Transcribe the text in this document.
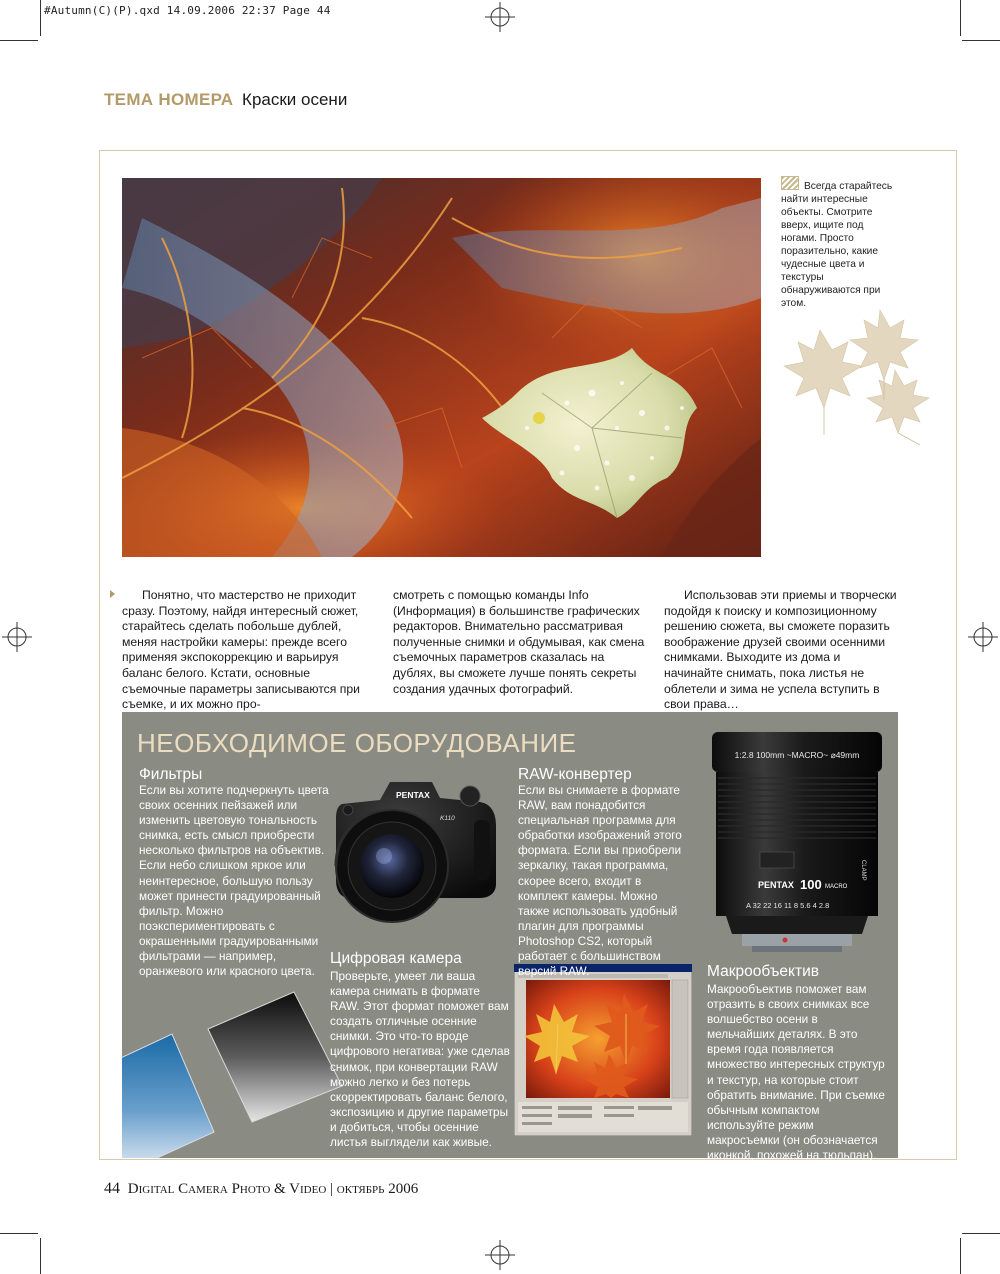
#Autumn(C)(P).qxd 14.09.2006 22:37 Page 44
ТЕМА НОМЕРА Краски осени
Всегда старайтесь найти интересные объекты. Смотрите вверх, ищите под ногами. Просто поразительно, какие чудесные цвета и текстуры обнаруживаются при этом.

Понятно, что мастерство не приходит сразу. Поэтому, найдя интересный сюжет, старайтесь сделать побольше дублей, меняя настройки камеры: прежде всего применяя экспокоррекцию и варьируя баланс белого. Кстати, основные съемочные параметры записываются при съемке, и их можно про-

смотреть с помощью команды Info (Информация) в большинстве графических редакторов. Внимательно рассматривая полученные снимки и обдумывая, как смена съемочных параметров сказалась на дублях, вы сможете лучше понять секреты создания удачных фотографий.

Использовав эти приемы и творчески подойдя к поиску и композиционному решению сюжета, вы сможете поразить воображение друзей своими осенними снимками. Выходите из дома и начинайте снимать, пока листья не облетели и зима не успела вступить в свои права…

1:2.8 100mm ~MACRO~ ⌀49mm
PENTAX 100 MACRO
CLAMP
A 32 22 16 11 8 5.6 4 2.8
PENTAX
K110
НЕОБХОДИМОЕ ОБОРУДОВАНИЕ
Фильтры
Если вы хотите подчеркнуть цвета своих осенних пейзажей или изменить цветовую тональность снимка, есть смысл приобрести несколько фильтров на объектив. Если небо слишком яркое или неинтересное, большую пользу может принести градуированный фильтр. Можно поэкспериментировать с окрашенными градуированными фильтрами — например, оранжевого или красного цвета.
RAW-конвертер
Если вы снимаете в формате RAW, вам понадобится специальная программа для обработки изображений этого формата. Если вы приобрели зеркалку, такая программа, скорее всего, входит в комплект камеры. Можно также использовать удобный плагин для программы Photoshop CS2, который работает с большинством версий RAW.
Цифровая камера
Проверьте, умеет ли ваша камера снимать в формате RAW. Этот формат поможет вам создать отличные осенние снимки. Это что-то вроде цифрового негатива: уже сделав снимок, при конвертации RAW можно легко и без потерь скорректировать баланс белого, экспозицию и другие параметры и добиться, чтобы осенние листья выглядели как живые.
Макрообъектив
Макрообъектив поможет вам отразить в своих снимках все волшебство осени в мельчайших деталях. В это время года появляется множество интересных структур и текстур, на которые стоит обратить внимание. При съемке обычным компактом используйте режим макросъемки (он обозначается иконкой, похожей на тюльпан).
44 Digital Camera Photo & Video | октябрь 2006
